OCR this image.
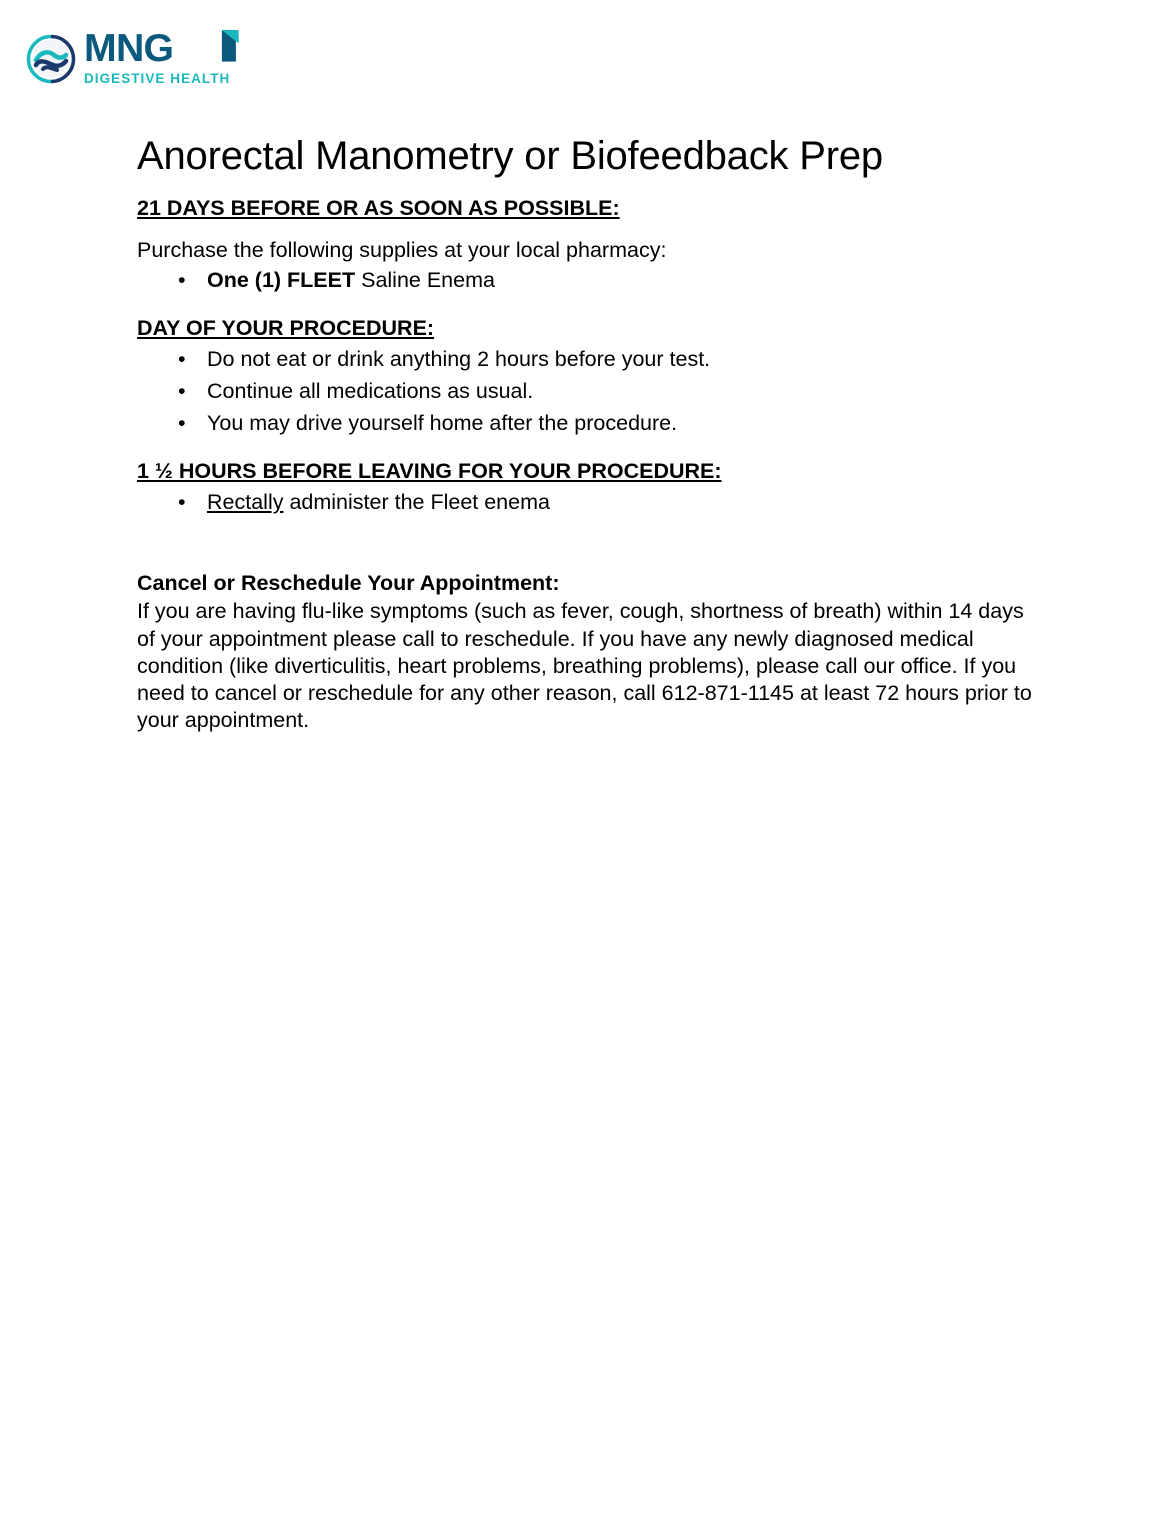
MNG
DIGESTIVE HEALTH
Anorectal Manometry or Biofeedback Prep
21 DAYS BEFORE OR AS SOON AS POSSIBLE:
Purchase the following supplies at your local pharmacy:
• One (1) FLEET Saline Enema
DAY OF YOUR PROCEDURE:
• Do not eat or drink anything 2 hours before your test.
• Continue all medications as usual.
• You may drive yourself home after the procedure.
1 ½ HOURS BEFORE LEAVING FOR YOUR PROCEDURE:
• Rectally administer the Fleet enema
Cancel or Reschedule Your Appointment:
If you are having flu-like symptoms (such as fever, cough, shortness of breath) within 14 days of your appointment please call to reschedule. If you have any newly diagnosed medical condition (like diverticulitis, heart problems, breathing problems), please call our office. If you need to cancel or reschedule for any other reason, call 612-871-1145 at least 72 hours prior to your appointment.
